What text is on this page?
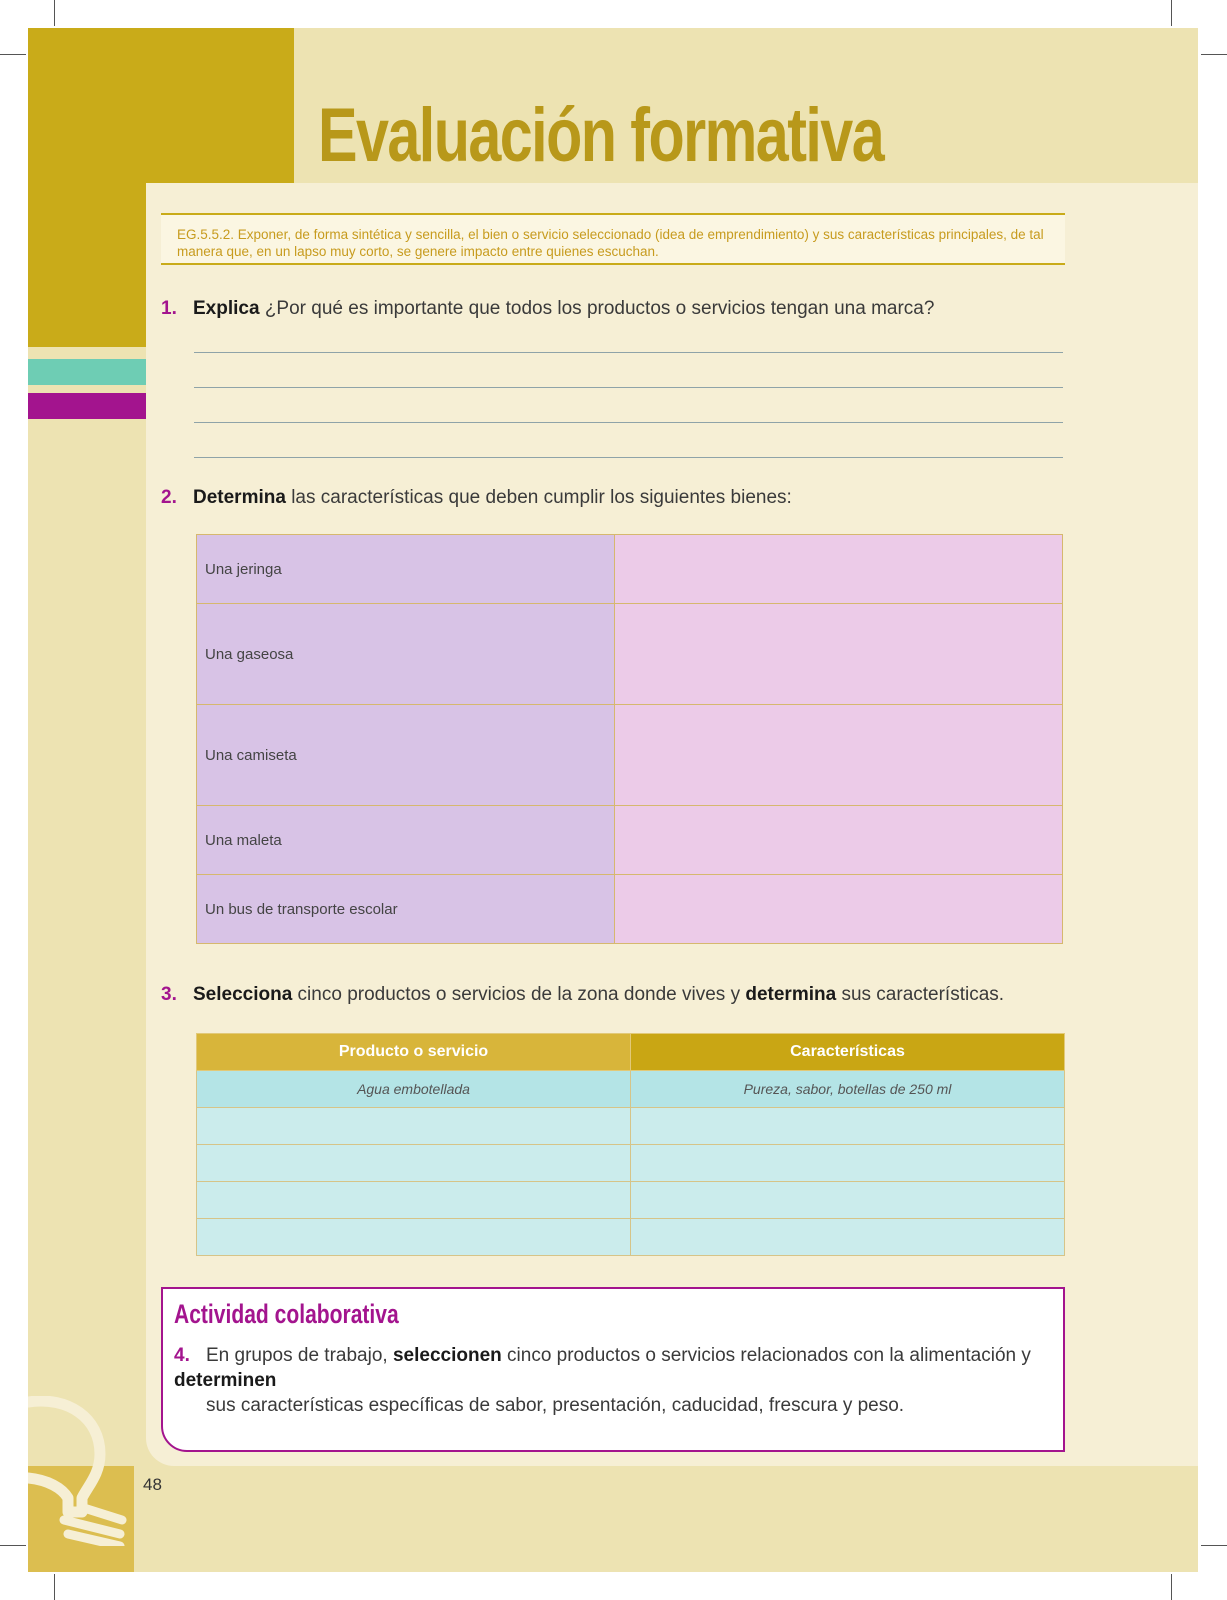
Evaluación formativa
EG.5.5.2. Exponer, de forma sintética y sencilla, el bien o servicio seleccionado (idea de emprendimiento) y sus características principales, de tal manera que, en un lapso muy corto, se genere impacto entre quienes escuchan.
1. Explica ¿Por qué es importante que todos los productos o servicios tengan una marca?
2. Determina las características que deben cumplir los siguientes bienes:
Una jeringa	
Una gaseosa	
Una camiseta	
Una maleta	
Un bus de transporte escolar	
3. Selecciona cinco productos o servicios de la zona donde vives y determina sus características.
Producto o servicio	Características
Agua embotellada	Pureza, sabor, botellas de 250 ml

Actividad colaborativa
4. En grupos de trabajo, seleccionen cinco productos o servicios relacionados con la alimentación y determinen
sus características específicas de sabor, presentación, caducidad, frescura y peso.
48
